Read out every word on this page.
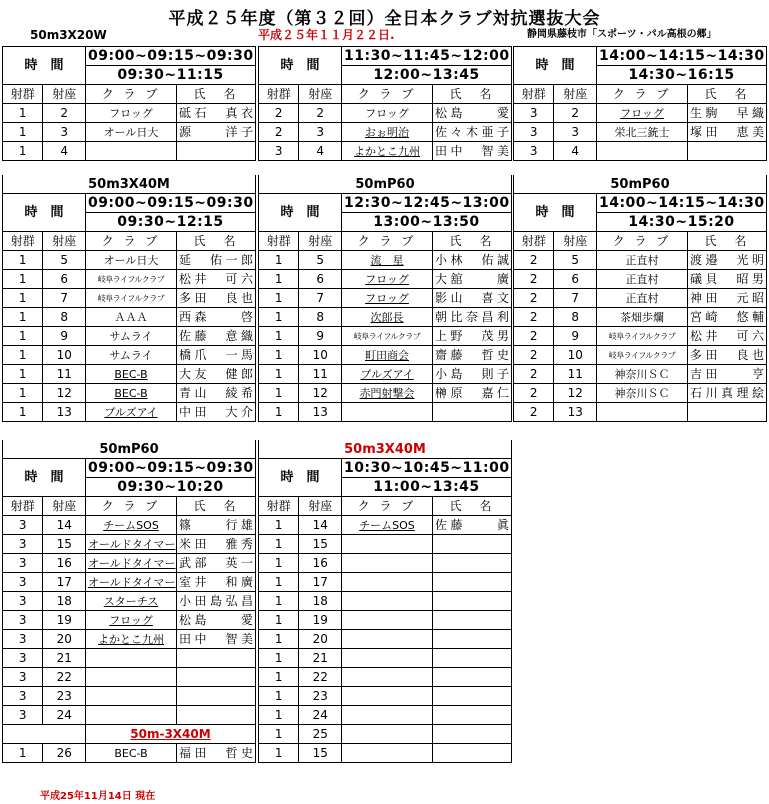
平成２５年度（第３２回）全日本クラブ対抗選抜大会
50m3X20W	平成２５年１１月２２日.	静岡県藤枝市「スポーツ・パル高根の郷」
時　間		09:00~09:15~09:30	
		09:30~11:15	
射群	射座	ク ラ ブ	氏　名
1	2	フロッグ	砥石　真衣
1	3	オール日大	源　　洋子
1	4		
時　間		11:30~11:45~12:00	
		12:00~13:45	
射群	射座	ク ラ ブ	氏　名
2	2	フロッグ	松島　　愛
2	3	おぉ明治	佐々木亜子
3	4	よかとこ九州	田中　智美
時　間		14:00~14:15~14:30	
		14:30~16:15	
射群	射座	ク ラ ブ	氏　名
3	2	フロッグ	生駒　早織
3	3	栄北三銃士	塚田　恵美
3	4		
50m3X40M			
時　間		09:00~09:15~09:30	
		09:30~12:15	
射群	射座	ク ラ ブ	氏　名
1	5	オール日大	延　佑一郎
1	6	岐阜ライフルクラブ	松井　可六
1	7	岐阜ライフルクラブ	多田　良也
1	8	ＡＡＡ	西森　　啓
1	9	サムライ	佐藤　意織
1	10	サムライ	橋爪　一馬
1	11	BEC-B	大友　健郎
1	12	BEC-B	青山　綾希
1	13	ブルズアイ	中田　大介
50mP60			
時　間		12:30~12:45~13:00	
		13:00~13:50	
射群	射座	ク ラ ブ	氏　名
1	5	流　星	小林　佑誠
1	6	フロッグ	大舘　　廣
1	7	フロッグ	影山　喜文
1	8	次郎長	朝比奈昌利
1	9	岐阜ライフルクラブ	上野　茂男
1	10	町田商会	齋藤　哲史
1	11	ブルズアイ	小島　則子
1	12	赤門射撃会	榊原　嘉仁
1	13		
50mP60			
時　間		14:00~14:15~14:30	
		14:30~15:20	
射群	射座	ク ラ ブ	氏　名
2	5	正直村	渡邉　光明
2	6	正直村	礒貝　昭男
2	7	正直村	神田　元昭
2	8	茶畑歩爛	宮崎　悠輔
2	9	岐阜ライフルクラブ	松井　可六
2	10	岐阜ライフルクラブ	多田　良也
2	11	神奈川ＳＣ	吉田　　亨
2	12	神奈川ＳＣ	石川真理絵
2	13		
50mP60			
時　間		09:00~09:15~09:30	
		09:30~10:20	
射群	射座	ク ラ ブ	氏　名
3	14	チームSOS	篠　　行雄
3	15	オールドタイマー	米田　雅秀
3	16	オールドタイマー	武部　英一
3	17	オールドタイマー	室井　和廣
3	18	スターチス	小田島弘昌
3	19	フロッグ	松島　　愛
3	20	よかとこ九州	田中　智美
3	21		
3	22		
3	23		
3	24		
		50m-3X40M	
1	26	BEC-B	福田　哲史
50m3X40M			
時　間		10:30~10:45~11:00	
		11:00~13:45	
射群	射座	ク ラ ブ	氏　名
1	14	チームSOS	佐藤　　眞
1	15		
1	16		
1	17		
1	18		
1	19		
1	20		
1	21		
1	22		
1	23		
1	24		
1	25		
1	15		
平成25年11月14日 現在
